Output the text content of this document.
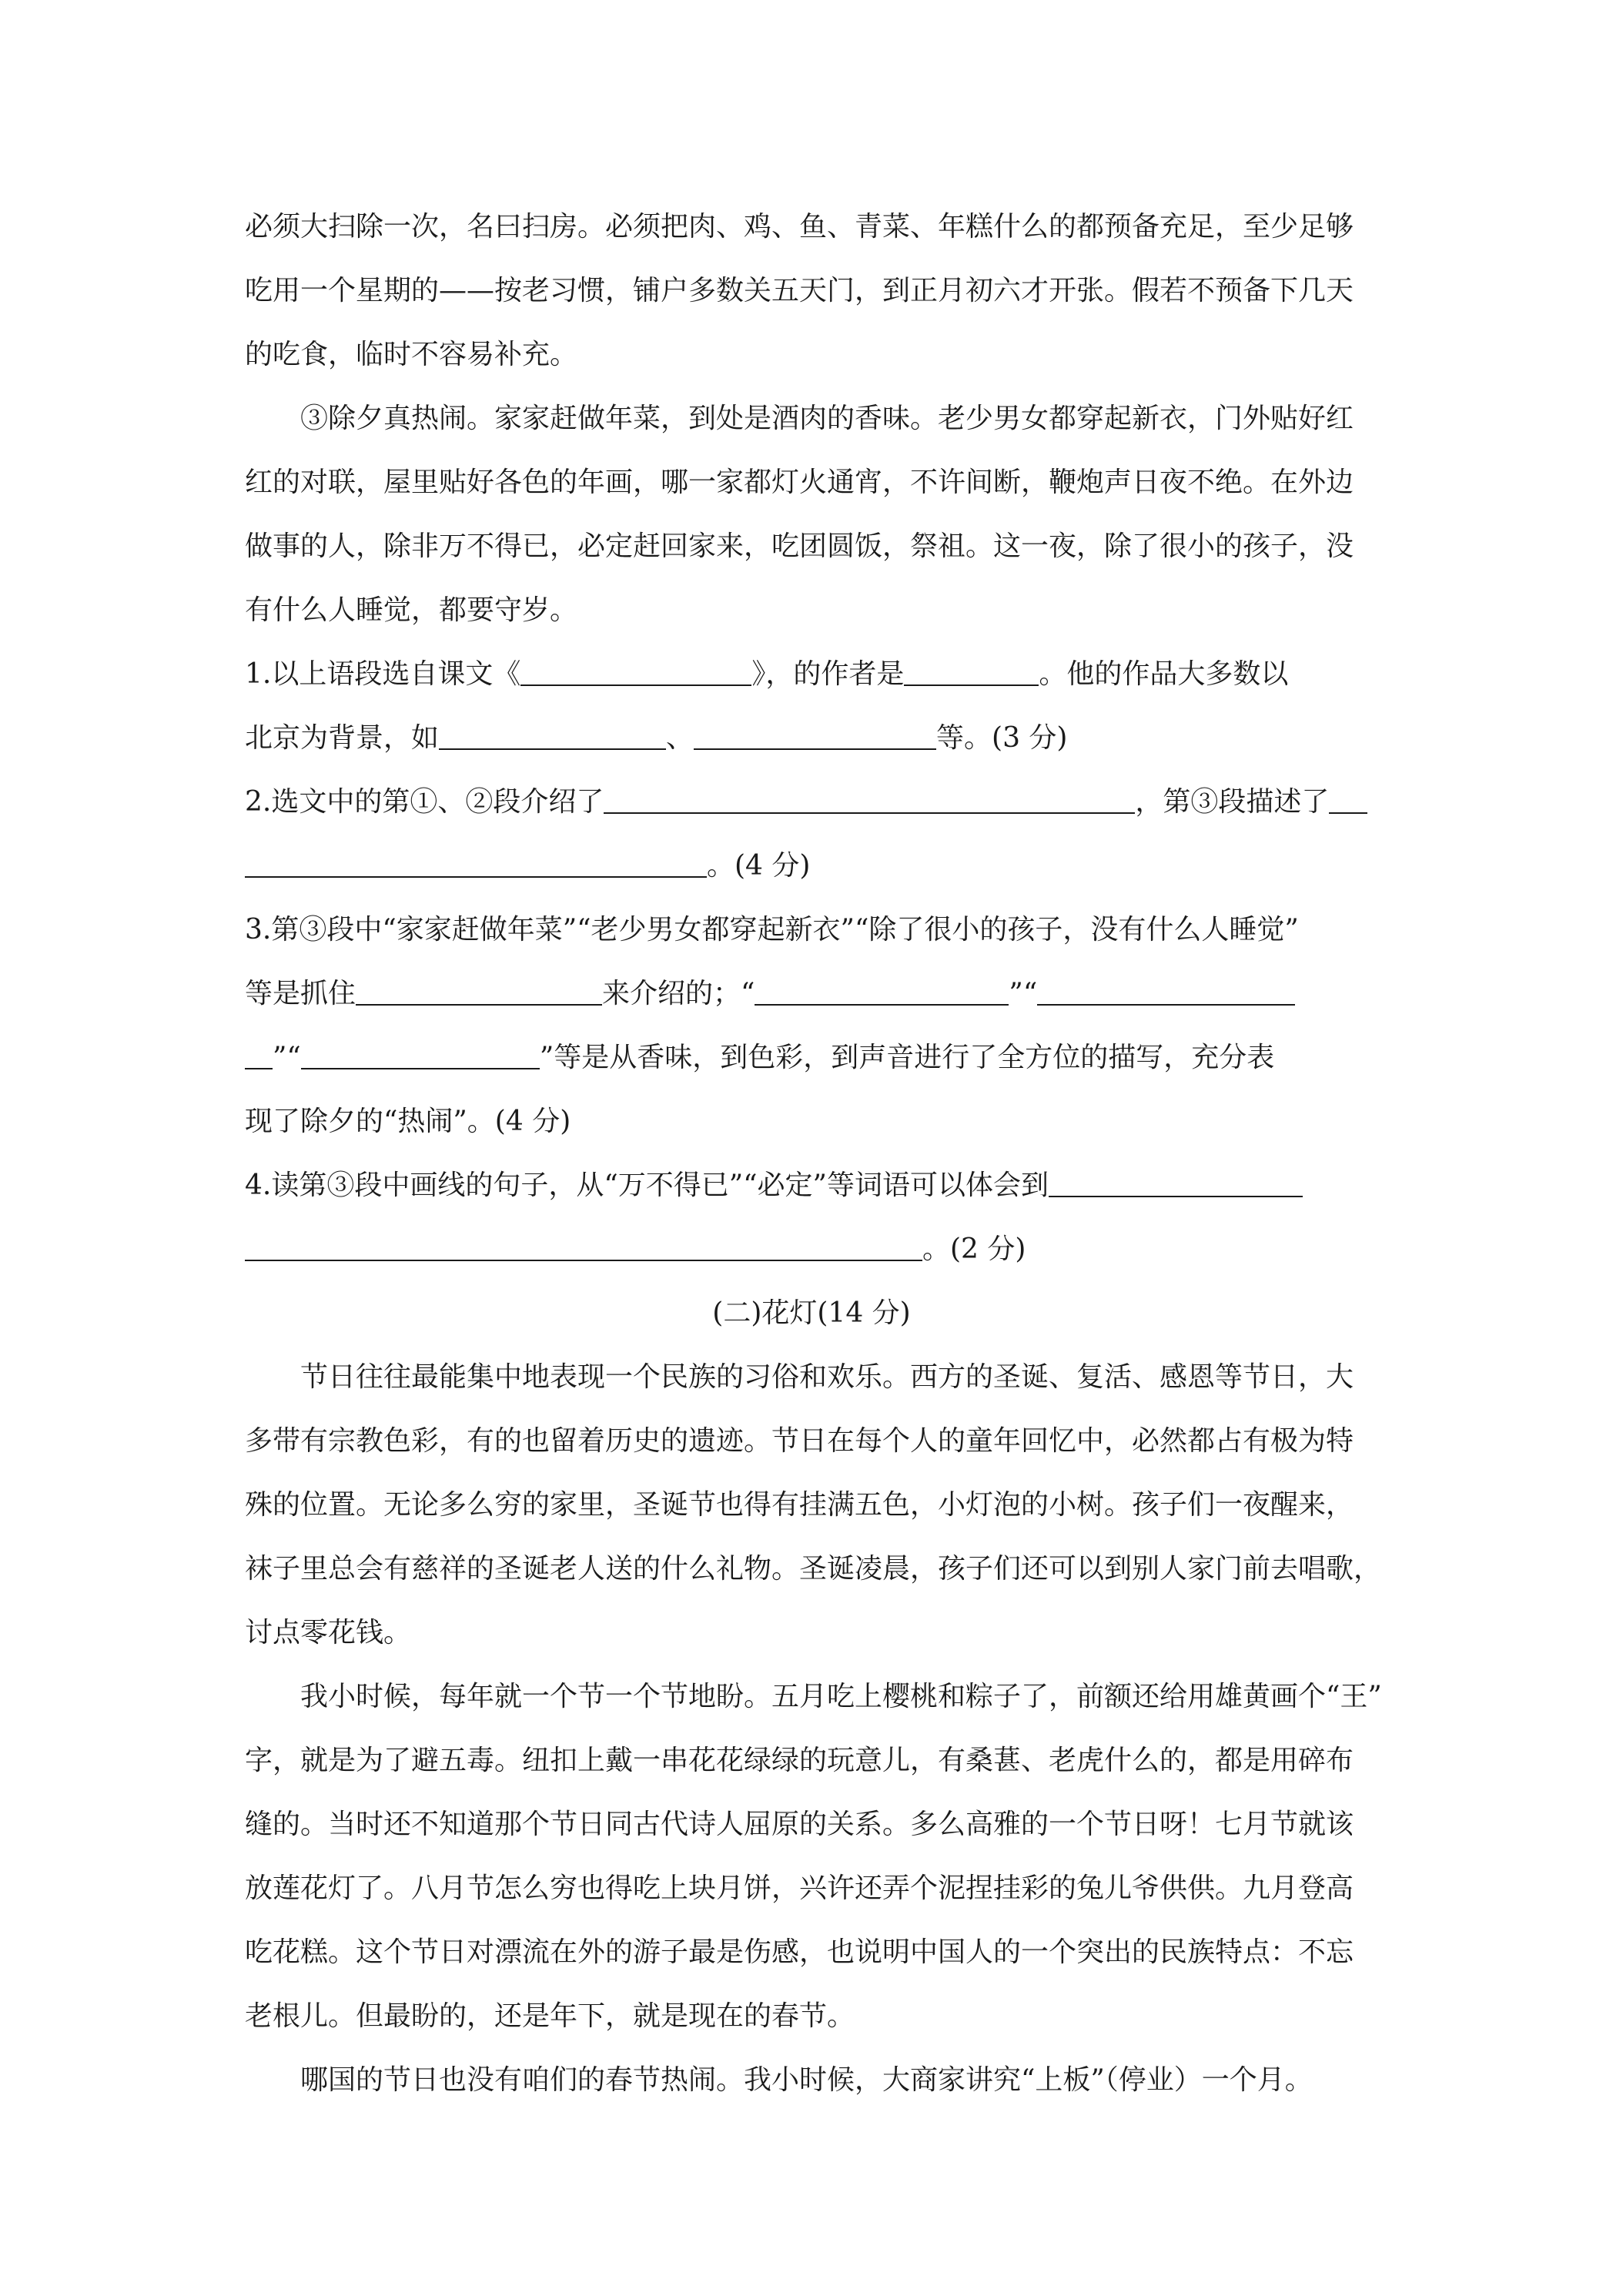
必须大扫除一次，名曰扫房。必须把肉、鸡、鱼、青菜、年糕什么的都预备充足，至少足够
吃用一个星期的——按老习惯，铺户多数关五天门，到正月初六才开张。假若不预备下几天
的吃食，临时不容易补充。
③除夕真热闹。家家赶做年菜，到处是酒肉的香味。老少男女都穿起新衣，门外贴好红
红的对联，屋里贴好各色的年画，哪一家都灯火通宵，不许间断，鞭炮声日夜不绝。在外边
做事的人，除非万不得已，必定赶回家来，吃团圆饭，祭祖。这一夜，除了很小的孩子，没
有什么人睡觉，都要守岁。
1.以上语段选自课文《	》，的作者是	。他的作品大多数以
北京为背景，如	、	等。(3 分)
2.选文中的第①、②段介绍了	，第③段描述了
。(4 分)
3.第③段中“家家赶做年菜”“老少男女都穿起新衣”“除了很小的孩子，没有什么人睡觉”
等是抓住	来介绍的；“	”“
”“	”等是从香味，到色彩，到声音进行了全方位的描写，充分表
现了除夕的“热闹”。(4 分)
4.读第③段中画线的句子，从“万不得已”“必定”等词语可以体会到
。(2 分)
(二)花灯(14 分)
节日往往最能集中地表现一个民族的习俗和欢乐。西方的圣诞、复活、感恩等节日，大
多带有宗教色彩，有的也留着历史的遗迹。节日在每个人的童年回忆中，必然都占有极为特
殊的位置。无论多么穷的家里，圣诞节也得有挂满五色，小灯泡的小树。孩子们一夜醒来，
袜子里总会有慈祥的圣诞老人送的什么礼物。圣诞凌晨，孩子们还可以到别人家门前去唱歌，
讨点零花钱。
我小时候，每年就一个节一个节地盼。五月吃上樱桃和粽子了，前额还给用雄黄画个“王”
字，就是为了避五毒。纽扣上戴一串花花绿绿的玩意儿，有桑葚、老虎什么的，都是用碎布
缝的。当时还不知道那个节日同古代诗人屈原的关系。多么高雅的一个节日呀！七月节就该
放莲花灯了。八月节怎么穷也得吃上块月饼，兴许还弄个泥捏挂彩的兔儿爷供供。九月登高
吃花糕。这个节日对漂流在外的游子最是伤感，也说明中国人的一个突出的民族特点：不忘
老根儿。但最盼的，还是年下，就是现在的春节。
哪国的节日也没有咱们的春节热闹。我小时候，大商家讲究“上板”（停业）一个月。
